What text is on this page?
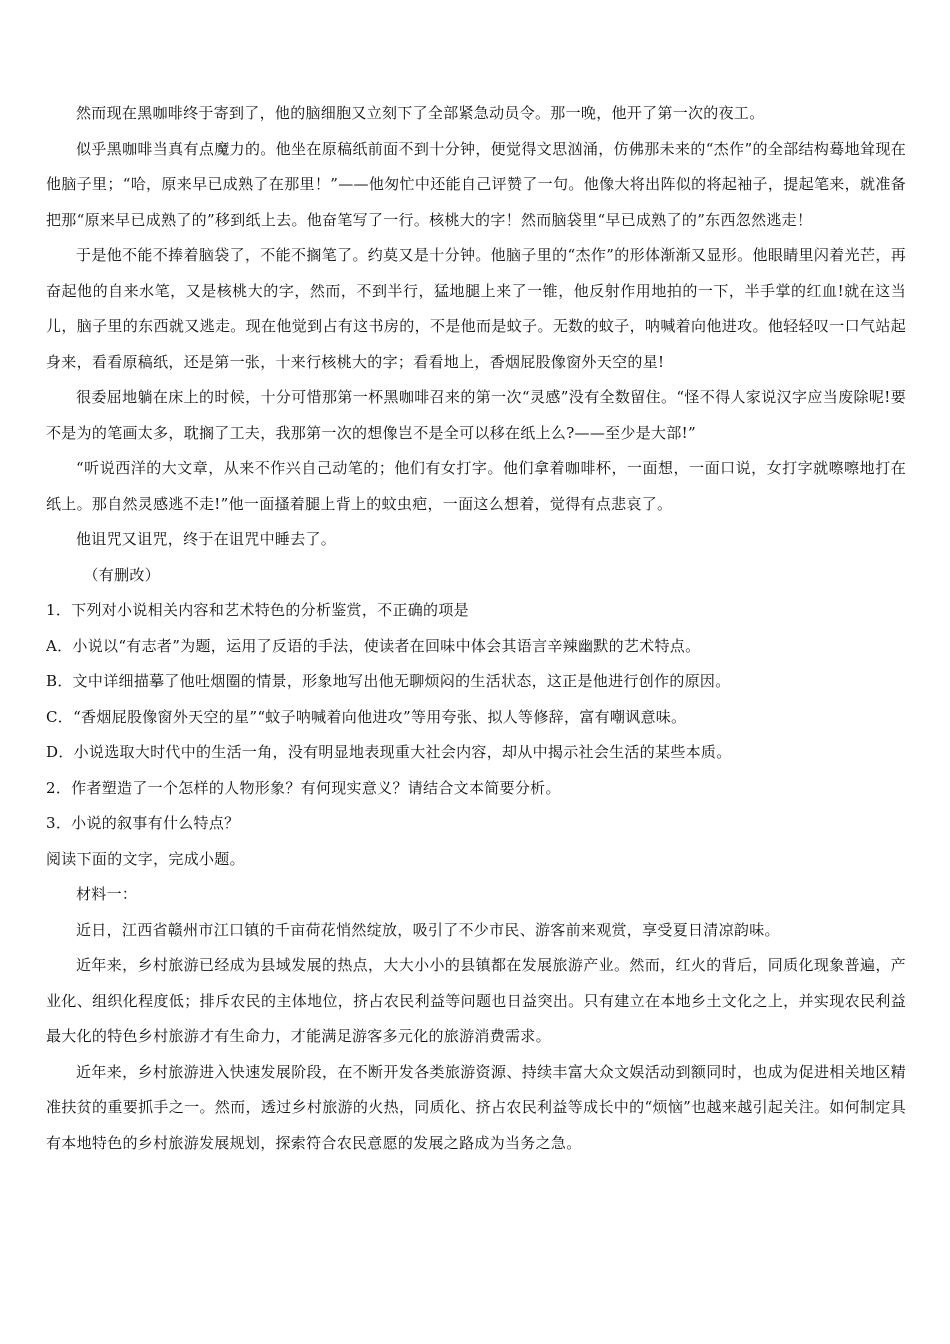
然而现在黑咖啡终于寄到了，他的脑细胞又立刻下了全部紧急动员令。那一晚，他开了第一次的夜工。

似乎黑咖啡当真有点魔力的。他坐在原稿纸前面不到十分钟，便觉得文思汹涌，仿佛那未来的“杰作”的全部结构蓦地耸现在他脑子里；“哈，原来早已成熟了在那里！”——他匆忙中还能自己评赞了一句。他像大将出阵似的将起袖子，提起笔来，就准备把那“原来早已成熟了的”移到纸上去。他奋笔写了一行。核桃大的字！然而脑袋里“早已成熟了的”东西忽然逃走！

于是他不能不捧着脑袋了，不能不搁笔了。约莫又是十分钟。他脑子里的“杰作”的形体渐渐又显形。他眼睛里闪着光芒，再奋起他的自来水笔，又是核桃大的字，然而，不到半行，猛地腿上来了一锥，他反射作用地拍的一下，半手掌的红血!就在这当儿，脑子里的东西就又逃走。现在他觉到占有这书房的，不是他而是蚊子。无数的蚊子，呐喊着向他进攻。他轻轻叹一口气站起身来，看看原稿纸，还是第一张，十来行核桃大的字；看看地上，香烟屁股像窗外天空的星!

很委屈地躺在床上的时候，十分可惜那第一杯黑咖啡召来的第一次“灵感”没有全数留住。“怪不得人家说汉字应当废除呢!要不是为的笔画太多，耽搁了工夫，我那第一次的想像岂不是全可以移在纸上么?——至少是大部!”

“听说西洋的大文章，从来不作兴自己动笔的；他们有女打字。他们拿着咖啡杯，一面想，一面口说，女打字就嚓嚓地打在纸上。那自然灵感逃不走!”他一面搔着腿上背上的蚊虫疤，一面这么想着，觉得有点悲哀了。

他诅咒又诅咒，终于在诅咒中睡去了。

（有删改）

1．下列对小说相关内容和艺术特色的分析鉴赏，不正确的项是

A．小说以“有志者”为题，运用了反语的手法，使读者在回味中体会其语言辛辣幽默的艺术特点。

B．文中详细描摹了他吐烟圈的情景，形象地写出他无聊烦闷的生活状态，这正是他进行创作的原因。

C．“香烟屁股像窗外天空的星”“蚊子呐喊着向他进攻”等用夸张、拟人等修辞，富有嘲讽意味。

D．小说选取大时代中的生活一角，没有明显地表现重大社会内容，却从中揭示社会生活的某些本质。

2．作者塑造了一个怎样的人物形象？有何现实意义？请结合文本简要分析。

3．小说的叙事有什么特点？

阅读下面的文字，完成小题。

材料一：

近日，江西省赣州市江口镇的千亩荷花悄然绽放，吸引了不少市民、游客前来观赏，享受夏日清凉韵味。

近年来，乡村旅游已经成为县域发展的热点，大大小小的县镇都在发展旅游产业。然而，红火的背后，同质化现象普遍，产业化、组织化程度低；排斥农民的主体地位，挤占农民利益等问题也日益突出。只有建立在本地乡土文化之上，并实现农民利益最大化的特色乡村旅游才有生命力，才能满足游客多元化的旅游消费需求。

近年来，乡村旅游进入快速发展阶段，在不断开发各类旅游资源、持续丰富大众文娱活动到额同时，也成为促进相关地区精准扶贫的重要抓手之一。然而，透过乡村旅游的火热，同质化、挤占农民利益等成长中的“烦恼”也越来越引起关注。如何制定具有本地特色的乡村旅游发展规划，探索符合农民意愿的发展之路成为当务之急。
